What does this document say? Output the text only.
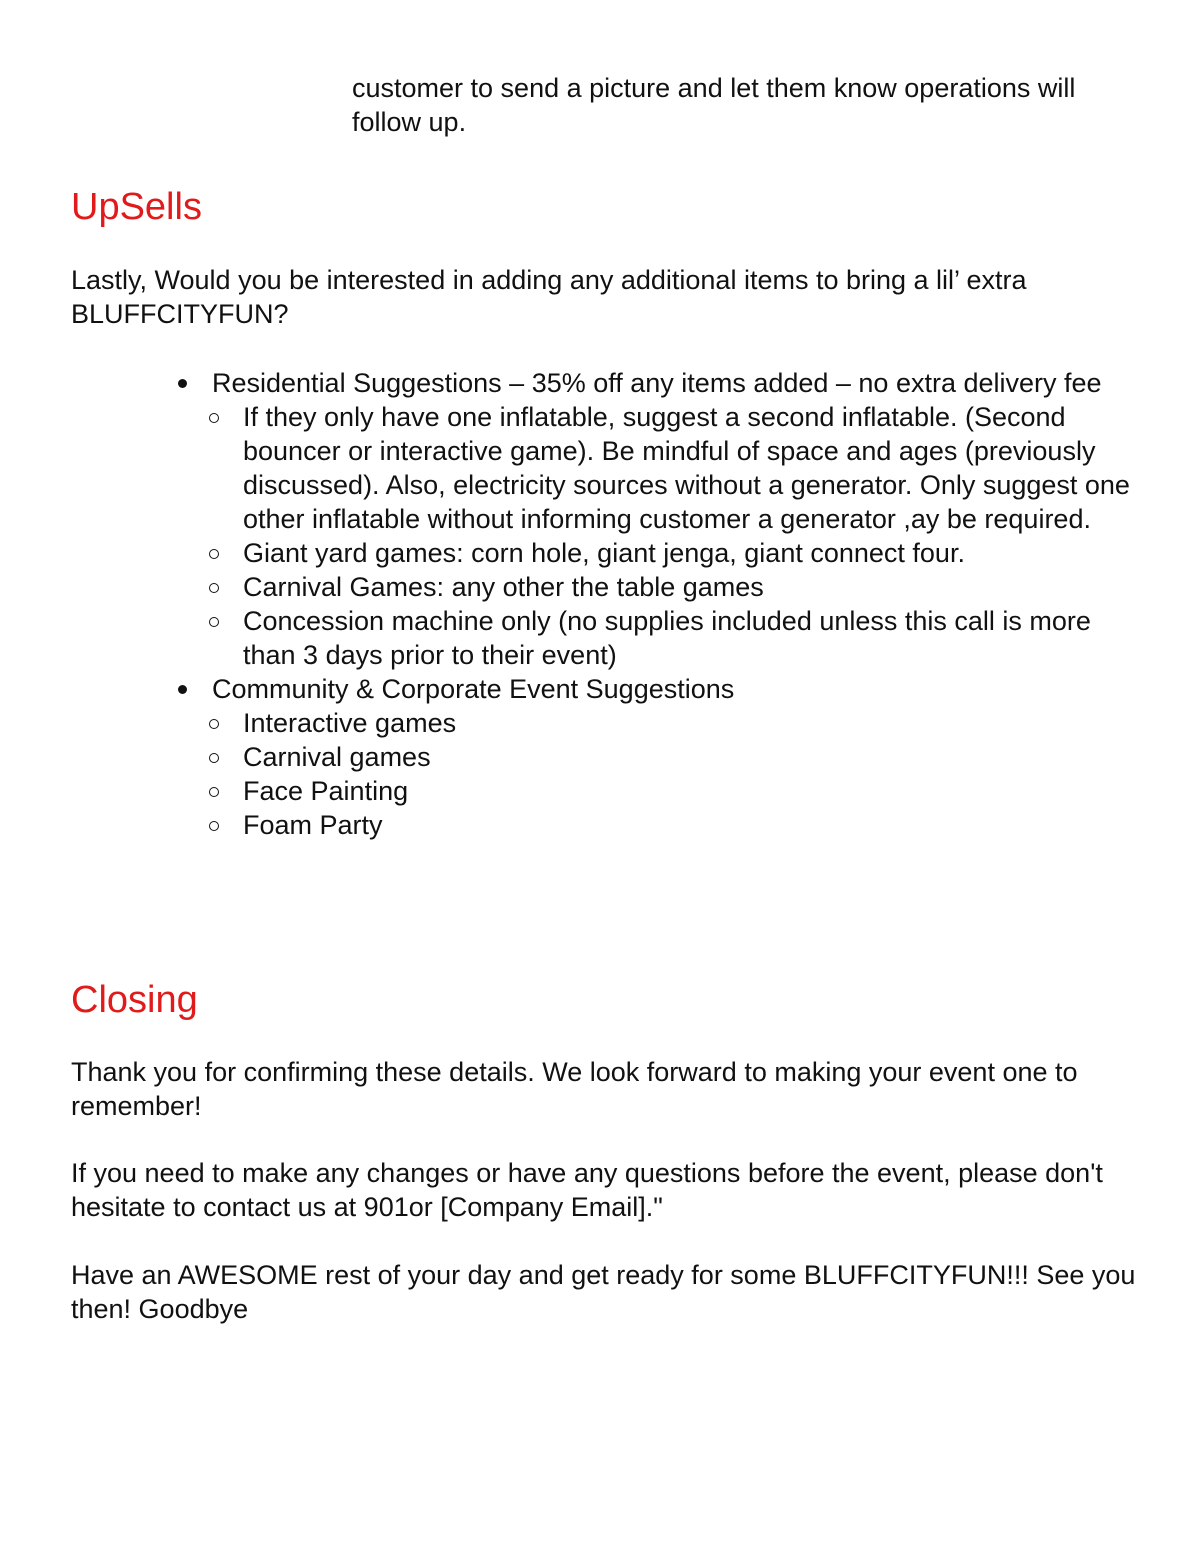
customer to send a picture and let them know operations will follow up.

UpSells

Lastly, Would you be interested in adding any additional items to bring a lil’ extra BLUFFCITYFUN?

Residential Suggestions – 35% off any items added – no extra delivery fee
If they only have one inflatable, suggest a second inflatable. (Second bouncer or interactive game). Be mindful of space and ages (previously discussed). Also, electricity sources without a generator. Only suggest one other inflatable without informing customer a generator ,ay be required.
Giant yard games: corn hole, giant jenga, giant connect four.
Carnival Games: any other the table games
Concession machine only (no supplies included unless this call is more than 3 days prior to their event)
Community & Corporate Event Suggestions
Interactive games
Carnival games
Face Painting
Foam Party
Closing

Thank you for confirming these details. We look forward to making your event one to remember!

If you need to make any changes or have any questions before the event, please don't hesitate to contact us at 901or [Company Email]."

Have an AWESOME rest of your day and get ready for some BLUFFCITYFUN!!! See you then! Goodbye
